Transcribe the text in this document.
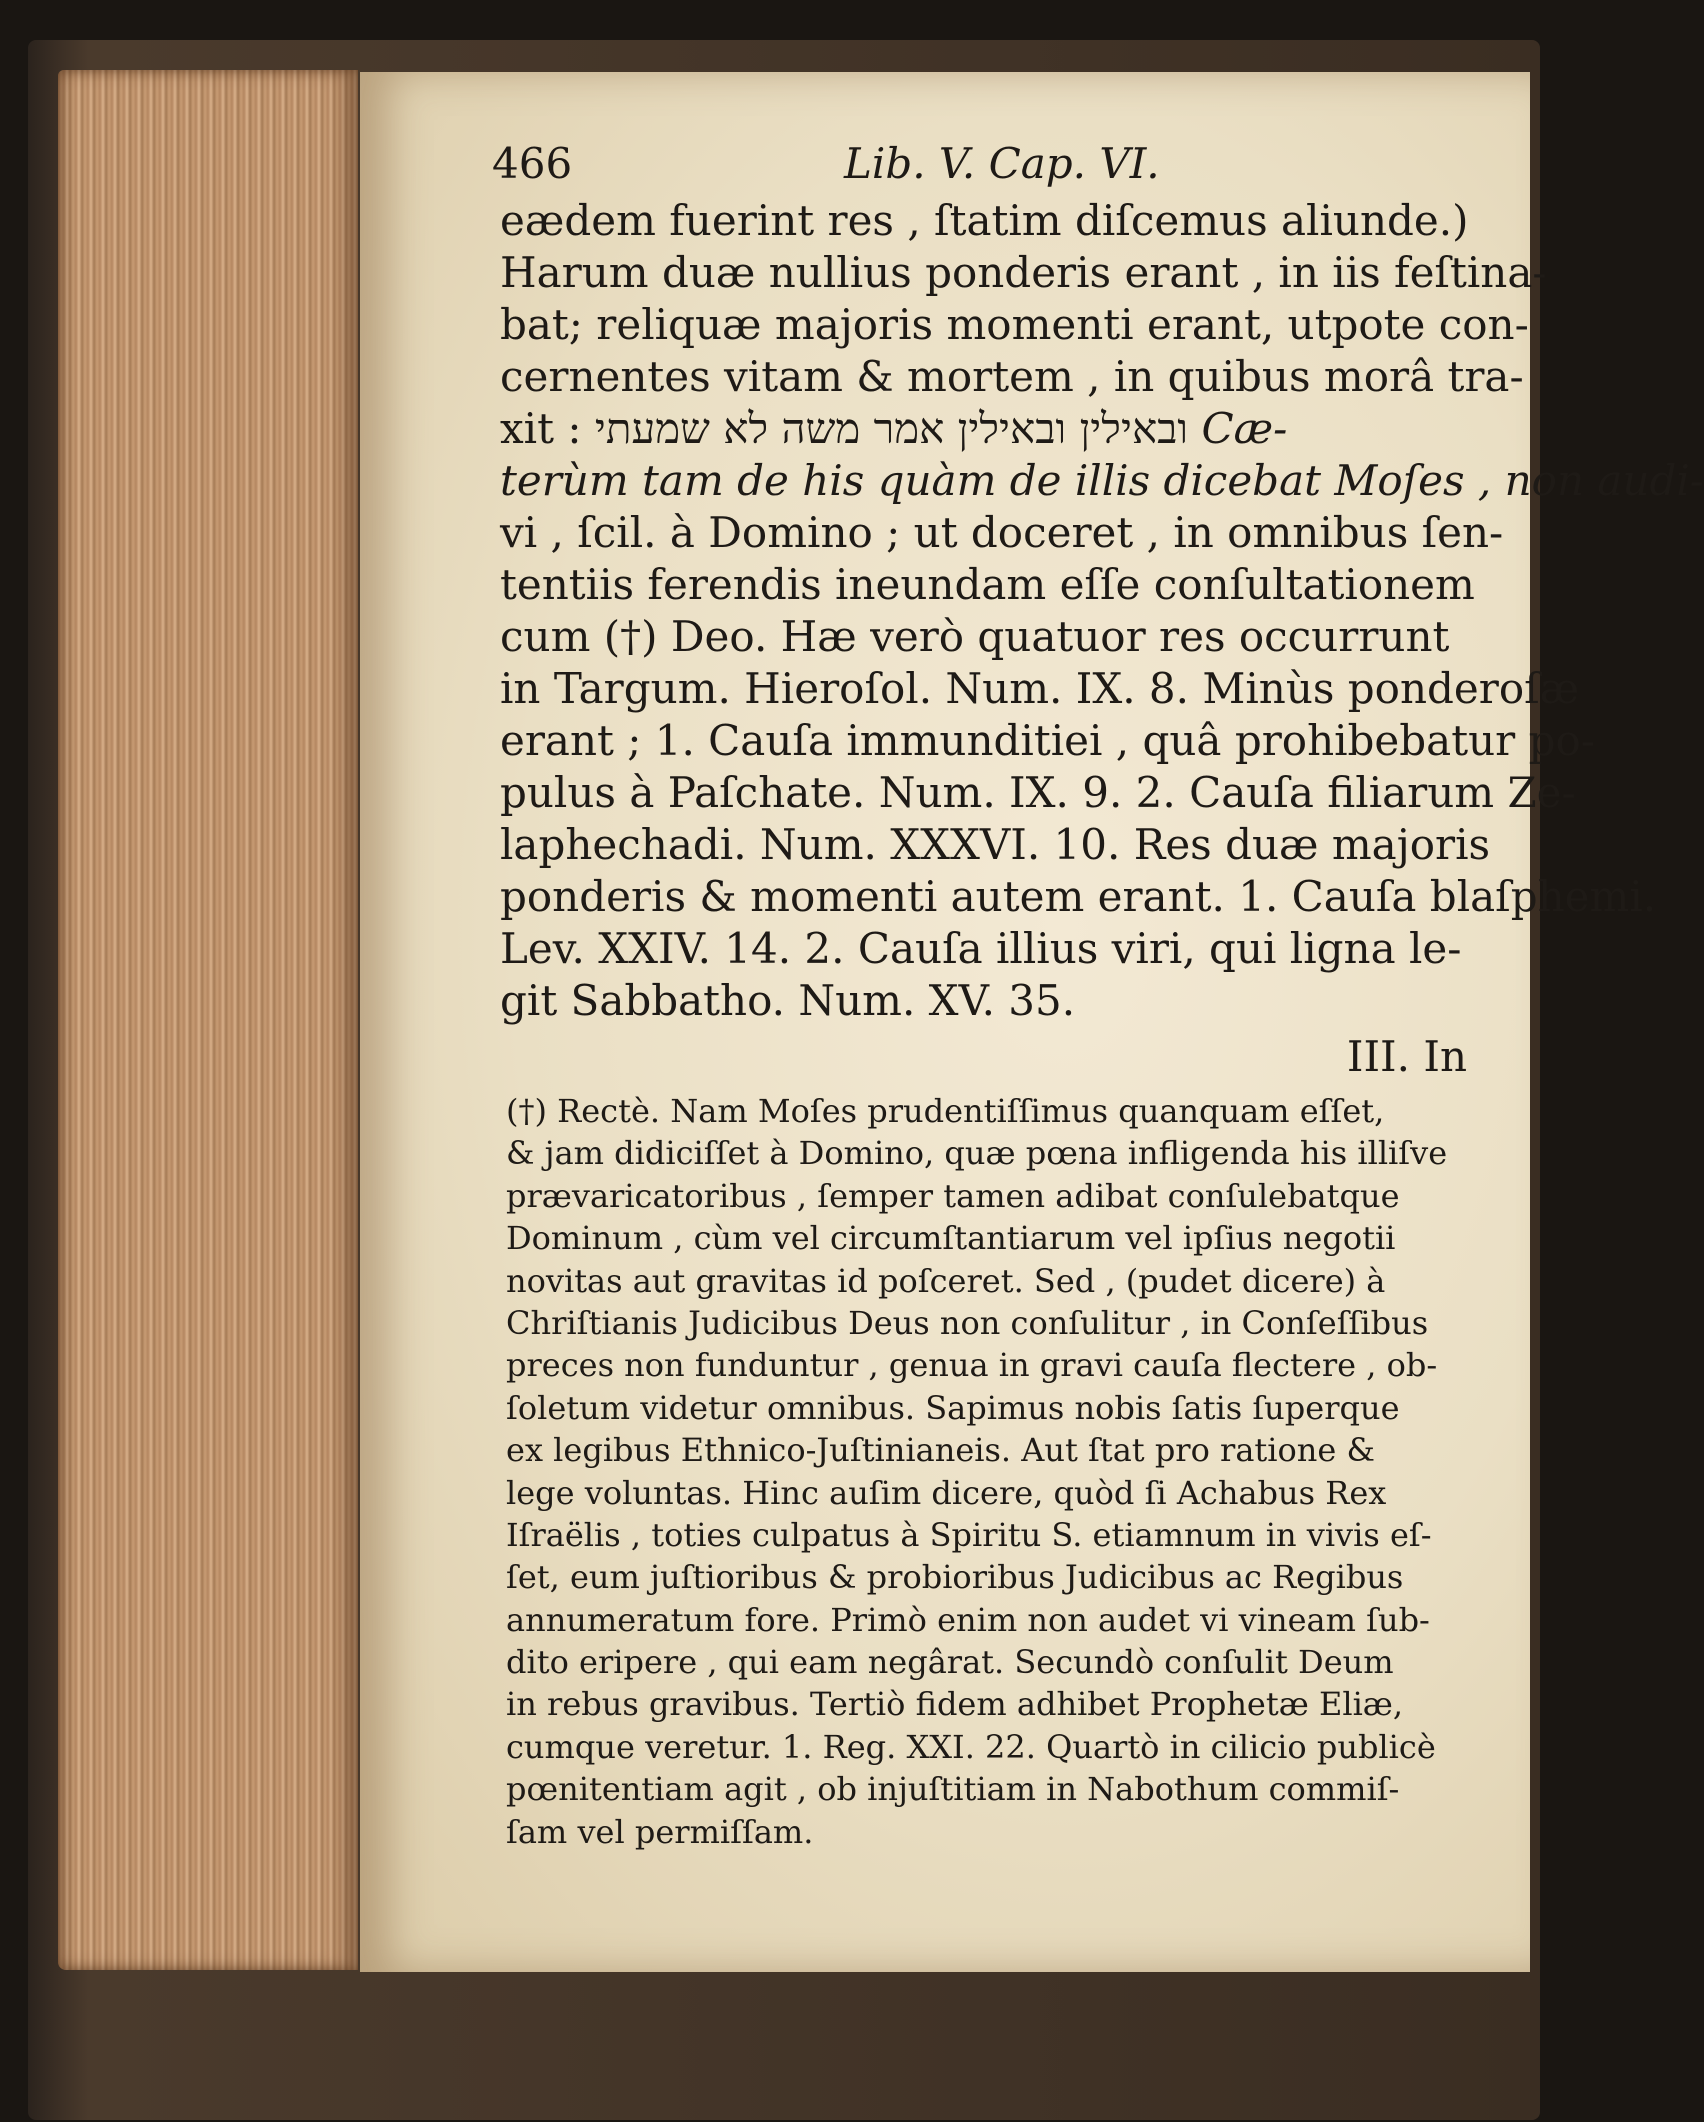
466	Lib. V. Cap. VI.
eædem fuerint res , ſtatim diſcemus aliunde.)
Harum duæ nullius ponderis erant , in iis feſtina-
bat; reliquæ majoris momenti erant, utpote con-
cernentes vitam & mortem , in quibus morâ tra-
xit : ובאילין ובאילין אמר משה לא שמעתי Cæ-
terùm tam de his quàm de illis dicebat Moſes , non audi-
vi , ſcil. à Domino ; ut doceret , in omnibus ſen-
tentiis ferendis ineundam eſſe conſultationem
cum (†) Deo. Hæ verò quatuor res occurrunt
in Targum. Hieroſol. Num. IX. 8. Minùs ponderoſæ
erant ; 1. Cauſa immunditiei , quâ prohibebatur po-
pulus à Paſchate. Num. IX. 9. 2. Cauſa filiarum Ze-
laphechadi. Num. XXXVI. 10. Res duæ majoris
ponderis & momenti autem erant. 1. Cauſa blaſphemi.
Lev. XXIV. 14. 2. Cauſa illius viri, qui ligna le-
git Sabbatho. Num. XV. 35.
III. In
(†) Rectè. Nam Moſes prudentiſſimus quanquam eſſet,
& jam didiciſſet à Domino, quæ pœna infligenda his illiſve
prævaricatoribus , ſemper tamen adibat conſulebatque
Dominum , cùm vel circumſtantiarum vel ipſius negotii
novitas aut gravitas id poſceret. Sed , (pudet dicere) à
Chriſtianis Judicibus Deus non conſulitur , in Conſeſſibus
preces non funduntur , genua in gravi cauſa flectere , ob-
ſoletum videtur omnibus. Sapimus nobis ſatis ſuperque
ex legibus Ethnico-Juſtinianeis. Aut ſtat pro ratione &
lege voluntas. Hinc auſim dicere, quòd ſi Achabus Rex
Iſraëlis , toties culpatus à Spiritu S. etiamnum in vivis eſ-
ſet, eum juſtioribus & probioribus Judicibus ac Regibus
annumeratum fore. Primò enim non audet vi vineam ſub-
dito eripere , qui eam negârat. Secundò conſulit Deum
in rebus gravibus. Tertiò fidem adhibet Prophetæ Eliæ,
cumque veretur. 1. Reg. XXI. 22. Quartò in cilicio publicè
pœnitentiam agit , ob injuſtitiam in Nabothum commiſ-
ſam vel permiſſam.
